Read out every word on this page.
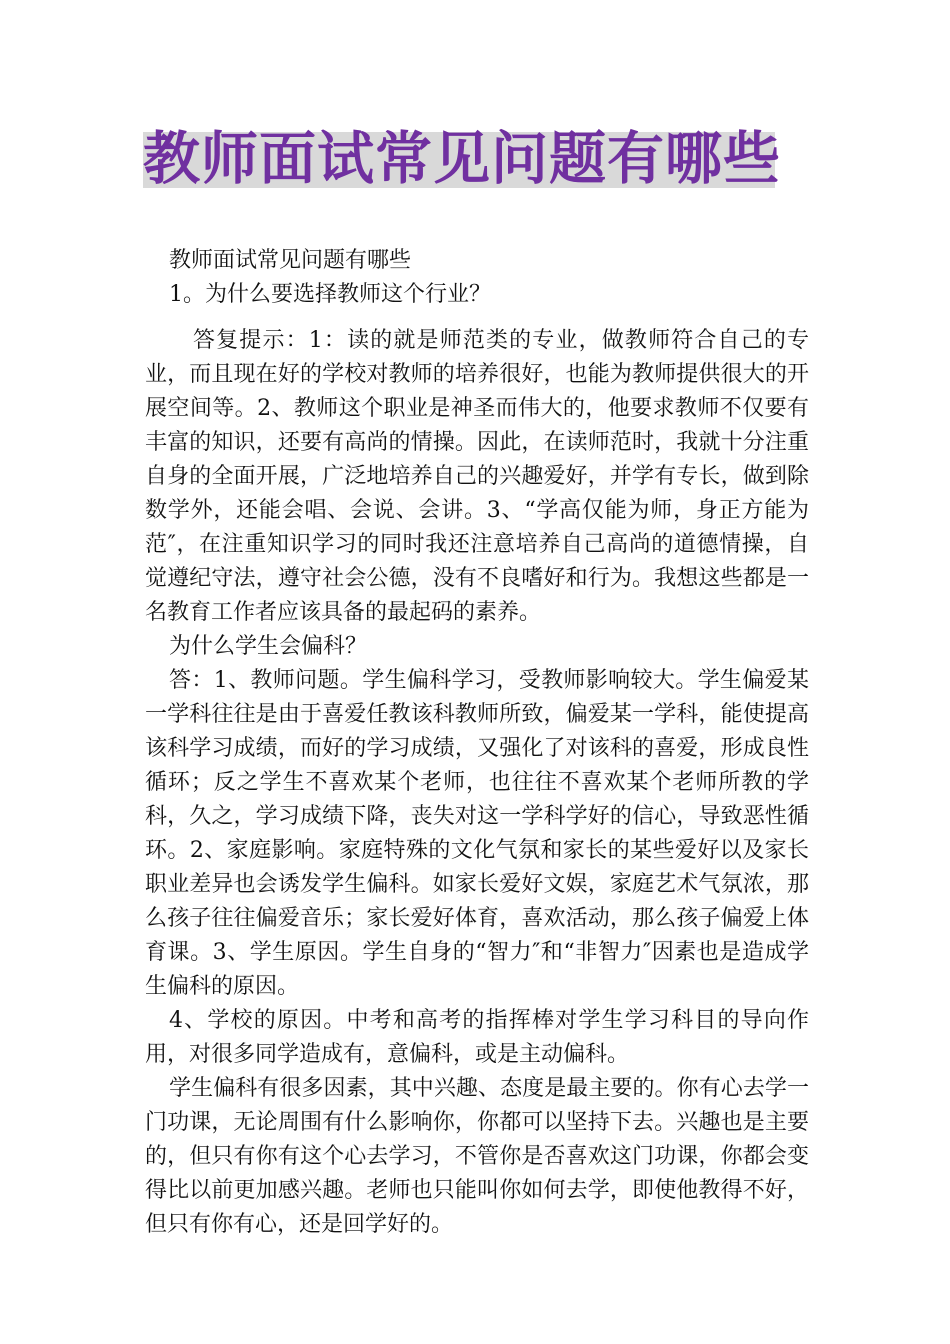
教师面试常见问题有哪些

教师面试常见问题有哪些

1。为什么要选择教师这个行业？

答复提示：1：读的就是师范类的专业，做教师符合自己的专业，而且现在好的学校对教师的培养很好，也能为教师提供很大的开展空间等。2、教师这个职业是神圣而伟大的，他要求教师不仅要有丰富的知识，还要有高尚的情操。因此，在读师范时，我就十分注重自身的全面开展，广泛地培养自己的兴趣爱好，并学有专长，做到除数学外，还能会唱、会说、会讲。3、“学高仅能为师，身正方能为范″，在注重知识学习的同时我还注意培养自己高尚的道德情操，自觉遵纪守法，遵守社会公德，没有不良嗜好和行为。我想这些都是一名教育工作者应该具备的最起码的素养。

为什么学生会偏科？

答：1、教师问题。学生偏科学习，受教师影响较大。学生偏爱某一学科往往是由于喜爱任教该科教师所致，偏爱某一学科，能使提高该科学习成绩，而好的学习成绩，又强化了对该科的喜爱，形成良性循环；反之学生不喜欢某个老师，也往往不喜欢某个老师所教的学科，久之，学习成绩下降，丧失对这一学科学好的信心，导致恶性循环。2、家庭影响。家庭特殊的文化气氛和家长的某些爱好以及家长职业差异也会诱发学生偏科。如家长爱好文娱，家庭艺术气氛浓，那么孩子往往偏爱音乐；家长爱好体育，喜欢活动，那么孩子偏爱上体育课。3、学生原因。学生自身的“智力″和“非智力″因素也是造成学生偏科的原因。

4、学校的原因。中考和高考的指挥棒对学生学习科目的导向作用，对很多同学造成有，意偏科，或是主动偏科。

学生偏科有很多因素，其中兴趣、态度是最主要的。你有心去学一门功课，无论周围有什么影响你，你都可以坚持下去。兴趣也是主要的，但只有你有这个心去学习，不管你是否喜欢这门功课，你都会变得比以前更加感兴趣。老师也只能叫你如何去学，即使他教得不好，但只有你有心，还是回学好的。
